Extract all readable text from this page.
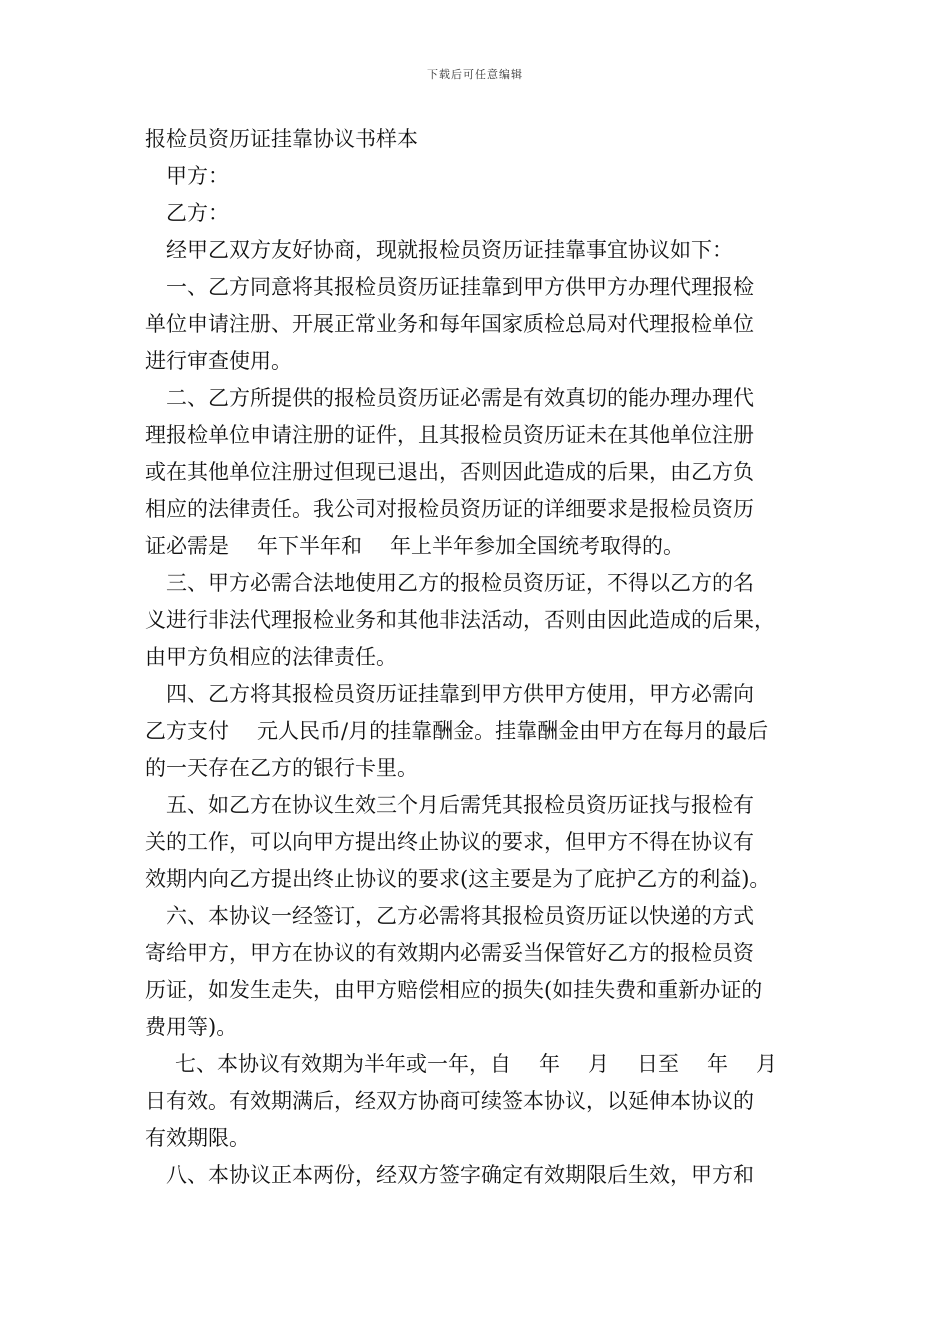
下载后可任意编辑
报检员资历证挂靠协议书样本
甲方：
乙方：
经甲乙双方友好协商，现就报检员资历证挂靠事宜协议如下：
一、乙方同意将其报检员资历证挂靠到甲方供甲方办理代理报检
单位申请注册、开展正常业务和每年国家质检总局对代理报检单位
进行审查使用。
二、乙方所提供的报检员资历证必需是有效真切的能办理办理代
理报检单位申请注册的证件，且其报检员资历证未在其他单位注册
或在其他单位注册过但现已退出，否则因此造成的后果，由乙方负
相应的法律责任。我公司对报检员资历证的详细要求是报检员资历
证必需是 年下半年和 年上半年参加全国统考取得的。
三、甲方必需合法地使用乙方的报检员资历证，不得以乙方的名
义进行非法代理报检业务和其他非法活动，否则由因此造成的后果，
由甲方负相应的法律责任。
四、乙方将其报检员资历证挂靠到甲方供甲方使用，甲方必需向
乙方支付 元人民币/月的挂靠酬金。挂靠酬金由甲方在每月的最后
的一天存在乙方的银行卡里。
五、如乙方在协议生效三个月后需凭其报检员资历证找与报检有
关的工作，可以向甲方提出终止协议的要求，但甲方不得在协议有
效期内向乙方提出终止协议的要求(这主要是为了庇护乙方的利益)。
六、本协议一经签订，乙方必需将其报检员资历证以快递的方式
寄给甲方，甲方在协议的有效期内必需妥当保管好乙方的报检员资
历证，如发生走失，由甲方赔偿相应的损失(如挂失费和重新办证的
费用等)。
七、本协议有效期为半年或一年，自 年 月 日至 年 月
日有效。有效期满后，经双方协商可续签本协议，以延伸本协议的
有效期限。
八、本协议正本两份，经双方签字确定有效期限后生效，甲方和
